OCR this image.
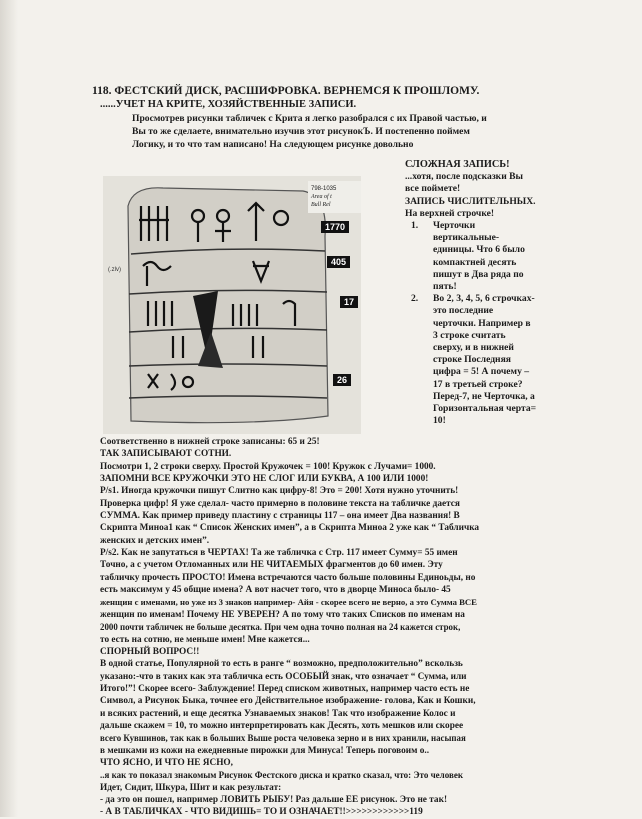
118. ФЕСТСКИЙ ДИСК, РАСШИФРОВКА. ВЕРНЕМСЯ К ПРОШЛОМУ.
......УЧЕТ НА КРИТЕ, ХОЗЯЙСТВЕННЫЕ ЗАПИСИ.
Просмотрев рисунки табличек с Крита я легко разобрался с их Правой частью, и
Вы то же сделаете, внимательно изучив этот рисунокЪ. И постепенно поймем
Логику, и то что там написано! На следующем рисунке довольно
(.zlv)
798-1035
Area of t
Bull Rel
1770
405
17
26
СЛОЖНАЯ ЗАПИСЬ!
...хотя, после подсказки Вы
все поймете!
ЗАПИСЬ ЧИСЛИТЕЛЬНЫХ.
На верхней строчке!
1. Черточки
вертикальные-
единицы. Что 6 было
компактней десять
пишут в Два ряда по
пять!
2. Во 2, 3, 4, 5, 6 строчках-
это последние
черточки. Например в
3 строке считать
сверху, и в нижней
строке Последняя
цифра = 5! А почему –
17 в третьей строке?
Перед-7, не Черточка, а
Горизонтальная черта=
10!
Соответственно в нижней строке записаны: 65 и 25!
ТАК ЗАПИСЫВАЮТ СОТНИ.
Посмотри 1, 2 строки сверху. Простой Кружочек = 100! Кружок с Лучами= 1000.
ЗАПОМНИ ВСЕ КРУЖОЧКИ ЭТО НЕ СЛОГ ИЛИ БУКВА, А 100 ИЛИ 1000!
P/s1. Иногда кружочки пишут Слитно как цифру-8! Это = 200! Хотя нужно уточнить!
Проверка цифр! Я уже сделал- часто примерно в половине текста на табличке дается
СУММА. Как пример приведу пластину с страницы 117 – она имеет Два названия! В
Скрипта Миноа1 как “ Список Женских имен”, а в Скрипта Миноа 2 уже как “ Табличка
женских и детских имен”.
P/s2. Как не запутаться в ЧЕРТАХ! Та же табличка с Стр. 117 имеет Сумму= 55 имен
Точно, а с учетом Отломанных или НЕ ЧИТАЕМЫХ фрагментов до 60 имен. Эту
табличку прочесть ПРОСТО! Имена встречаются часто больше половины Единоьды, но
есть максимум у 45 общие имена? А вот насчет того, что в дворце Миноса было- 45
женщин с именами, но уже из 3 знаков например- Айя - скорее всего не верно, а это Сумма ВСЕ
женщин по именам! Почему НЕ УВЕРЕН? А по тому что таких Списков по именам на
2000 почти табличек не больше десятка. При чем одна точно полная на 24 кажется строк,
то есть на сотню, не меньше имен! Мне кажется...
СПОРНЫЙ ВОПРОС!!
В одной статье, Популярной то есть в ранге “ возможно, предположительно” вскользь
указано:-что в таких как эта табличка есть ОСОБЫЙ знак, что означает “ Сумма, или
Итого!”! Скорее всего- Заблуждение! Перед списком животных, например часто есть не
Символ, а Рисунок Быка, точнее его Действительное изображение- голова, Как и Кошки,
и всяких растений, и еще десятка Узнаваемых знаков! Так что изображение Колос и
дальше скажем = 10, то можно интерпретировать как Десять, хоть мешков или скорее
всего Кувшинов, так как в больших Выше роста человека зерно и в них хранили, насыпая
в мешками из кожи на ежедневные пирожки для Минуса! Теперь поговоим о..
ЧТО ЯСНО, И ЧТО НЕ ЯСНО,
..я как то показал знакомым Рисунок Фестского диска и кратко сказал, что: Это человек
Идет, Сидит, Шкура, Шит и как результат:
- да это он пошел, например ЛОВИТЬ РЫБУ! Раз дальше ЕЕ рисунок. Это не так!
- А В ТАБЛИЧКАХ - ЧТО ВИДИШЬ= ТО И ОЗНАЧАЕТ!!>>>>>>>>>>>>119
